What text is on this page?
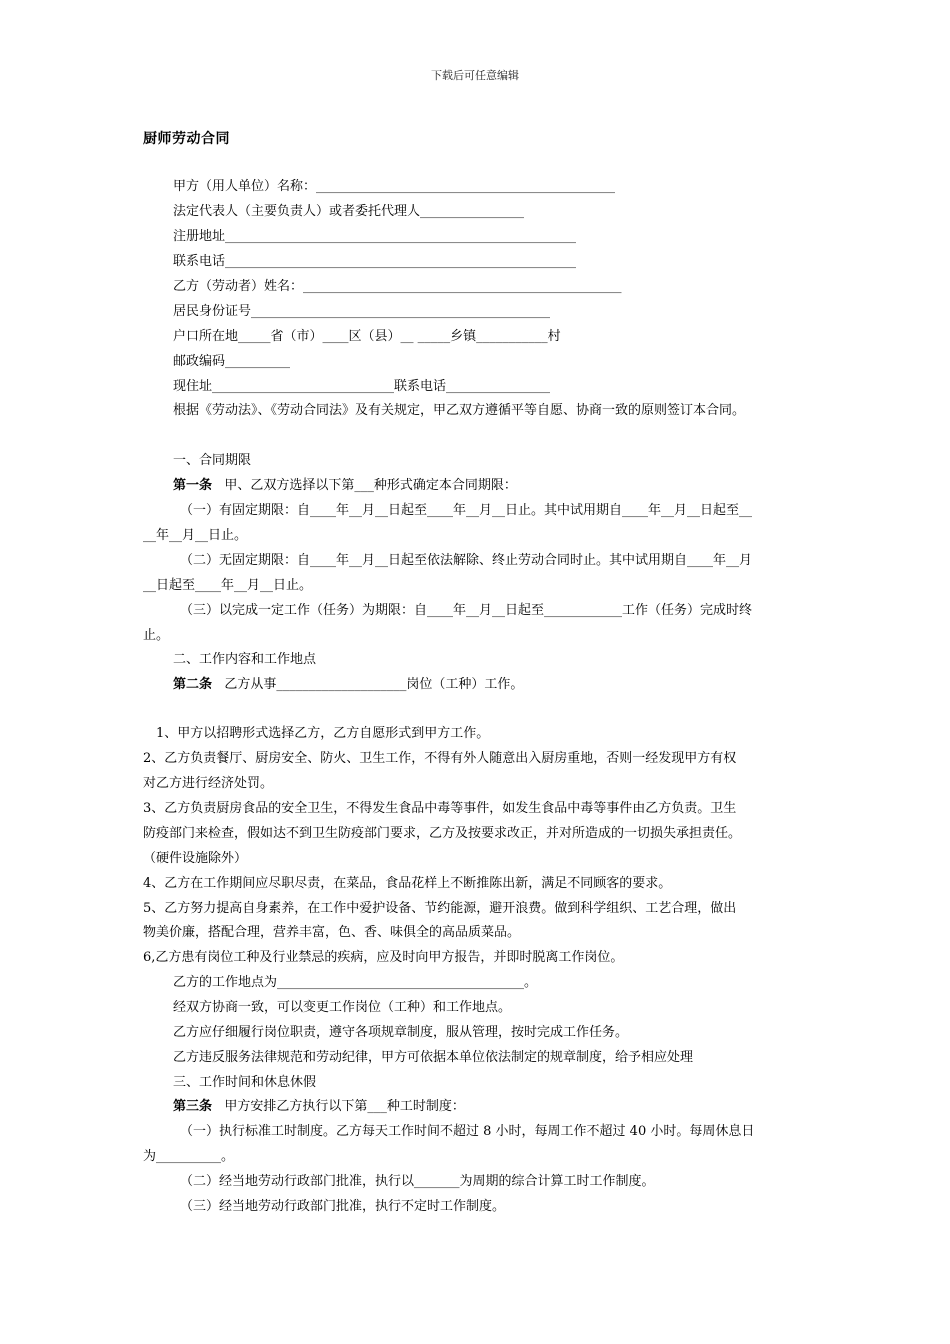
下载后可任意编辑
厨师劳动合同
甲方（用人单位）名称：______________________________________________
法定代表人（主要负责人）或者委托代理人________________
注册地址______________________________________________________
联系电话______________________________________________________
乙方（劳动者）姓名：_________________________________________________
居民身份证号______________________________________________
户口所在地_____省（市）____区（县）__ _____乡镇___________村
邮政编码__________
现住址____________________________联系电话________________
根据《劳动法》、《劳动合同法》及有关规定，甲乙双方遵循平等自愿、协商一致的原则签订本合同。
一、合同期限
第一条   甲、乙双方选择以下第___种形式确定本合同期限：
（一）有固定期限：自____年__月__日起至____年__月__日止。其中试用期自____年__月__日起至__
__年__月__日止。
（二）无固定期限：自____年__月__日起至依法解除、终止劳动合同时止。其中试用期自____年__月
__日起至____年__月__日止。
（三）以完成一定工作（任务）为期限：自____年__月__日起至____________工作（任务）完成时终
止。
二、工作内容和工作地点
第二条   乙方从事____________________岗位（工种）工作。
1、甲方以招聘形式选择乙方，乙方自愿形式到甲方工作。
2、乙方负责餐厅、厨房安全、防火、卫生工作，不得有外人随意出入厨房重地，否则一经发现甲方有权
对乙方进行经济处罚。
3、乙方负责厨房食品的安全卫生，不得发生食品中毒等事件，如发生食品中毒等事件由乙方负责。卫生
防疫部门来检查，假如达不到卫生防疫部门要求，乙方及按要求改正，并对所造成的一切损失承担责任。
（硬件设施除外）
4、乙方在工作期间应尽职尽责，在菜品，食品花样上不断推陈出新，满足不同顾客的要求。
5、乙方努力提高自身素养，在工作中爱护设备、节约能源，避开浪费。做到科学组织、工艺合理，做出
物美价廉，搭配合理，营养丰富，色、香、味俱全的高品质菜品。
6,乙方患有岗位工种及行业禁忌的疾病，应及时向甲方报告，并即时脱离工作岗位。
乙方的工作地点为______________________________________。
经双方协商一致，可以变更工作岗位（工种）和工作地点。
乙方应仔细履行岗位职责，遵守各项规章制度，服从管理，按时完成工作任务。
乙方违反服务法律规范和劳动纪律，甲方可依据本单位依法制定的规章制度，给予相应处理
三、工作时间和休息休假
第三条   甲方安排乙方执行以下第___种工时制度：
（一）执行标准工时制度。乙方每天工作时间不超过 8 小时，每周工作不超过 40 小时。每周休息日
为__________。
（二）经当地劳动行政部门批准，执行以_______为周期的综合计算工时工作制度。
（三）经当地劳动行政部门批准，执行不定时工作制度。
